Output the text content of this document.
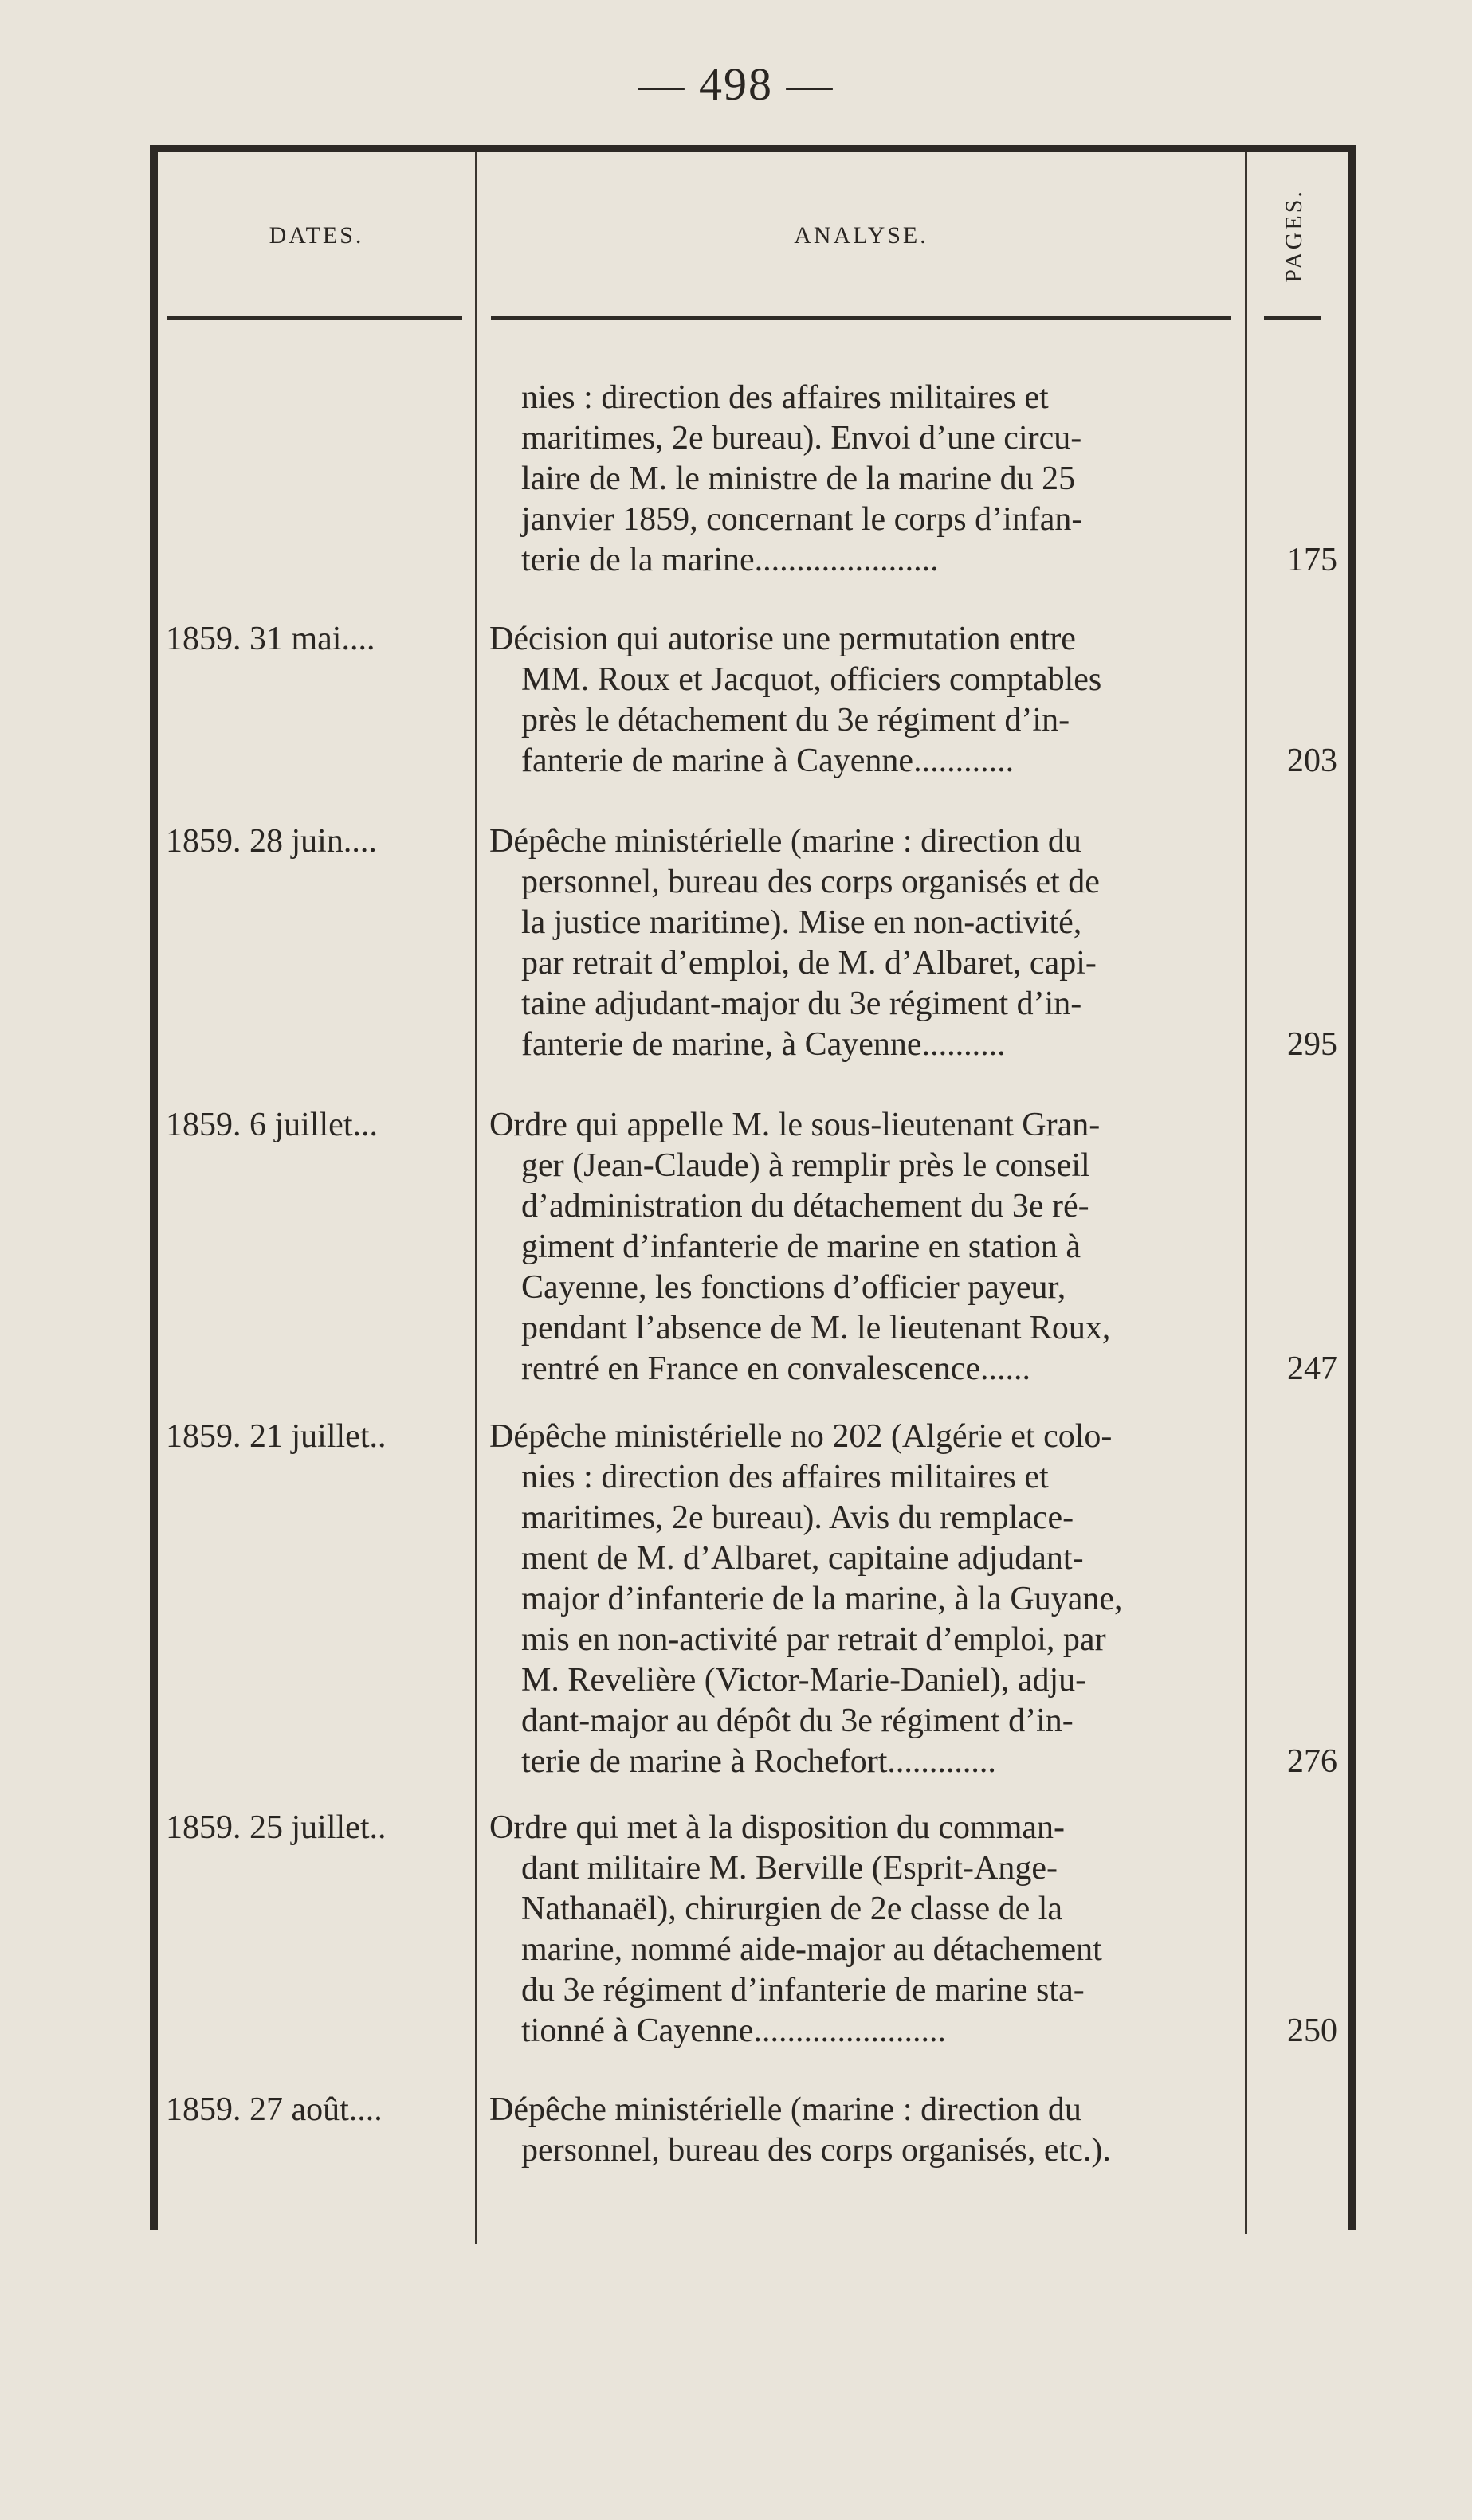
— 498 —
DATES.	ANALYSE.	PAGES.
nies : direction des affaires militaires et
maritimes, 2e bureau). Envoi d’une circu-
laire de M. le ministre de la marine du 25
janvier 1859, concernant le corps d’infan-
terie de la marine......................	175
1859. 31 mai....	Décision qui autorise une permutation entre
MM. Roux et Jacquot, officiers comptables
près le détachement du 3e régiment d’in-
fanterie de marine à Cayenne............	203
1859. 28 juin....	Dépêche ministérielle (marine : direction du
personnel, bureau des corps organisés et de
la justice maritime). Mise en non-activité,
par retrait d’emploi, de M. d’Albaret, capi-
taine adjudant-major du 3e régiment d’in-
fanterie de marine, à Cayenne..........	295
1859. 6 juillet...	Ordre qui appelle M. le sous-lieutenant Gran-
ger (Jean-Claude) à remplir près le conseil
d’administration du détachement du 3e ré-
giment d’infanterie de marine en station à
Cayenne, les fonctions d’officier payeur,
pendant l’absence de M. le lieutenant Roux,
rentré en France en convalescence......	247
1859. 21 juillet..	Dépêche ministérielle no 202 (Algérie et colo-
nies : direction des affaires militaires et
maritimes, 2e bureau). Avis du remplace-
ment de M. d’Albaret, capitaine adjudant-
major d’infanterie de la marine, à la Guyane,
mis en non-activité par retrait d’emploi, par
M. Revelière (Victor-Marie-Daniel), adju-
dant-major au dépôt du 3e régiment d’in-
terie de marine à Rochefort.............	276
1859. 25 juillet..	Ordre qui met à la disposition du comman-
dant militaire M. Berville (Esprit-Ange-
Nathanaël), chirurgien de 2e classe de la
marine, nommé aide-major au détachement
du 3e régiment d’infanterie de marine sta-
tionné à Cayenne.......................	250
1859. 27 août....	Dépêche ministérielle (marine : direction du
personnel, bureau des corps organisés, etc.).
